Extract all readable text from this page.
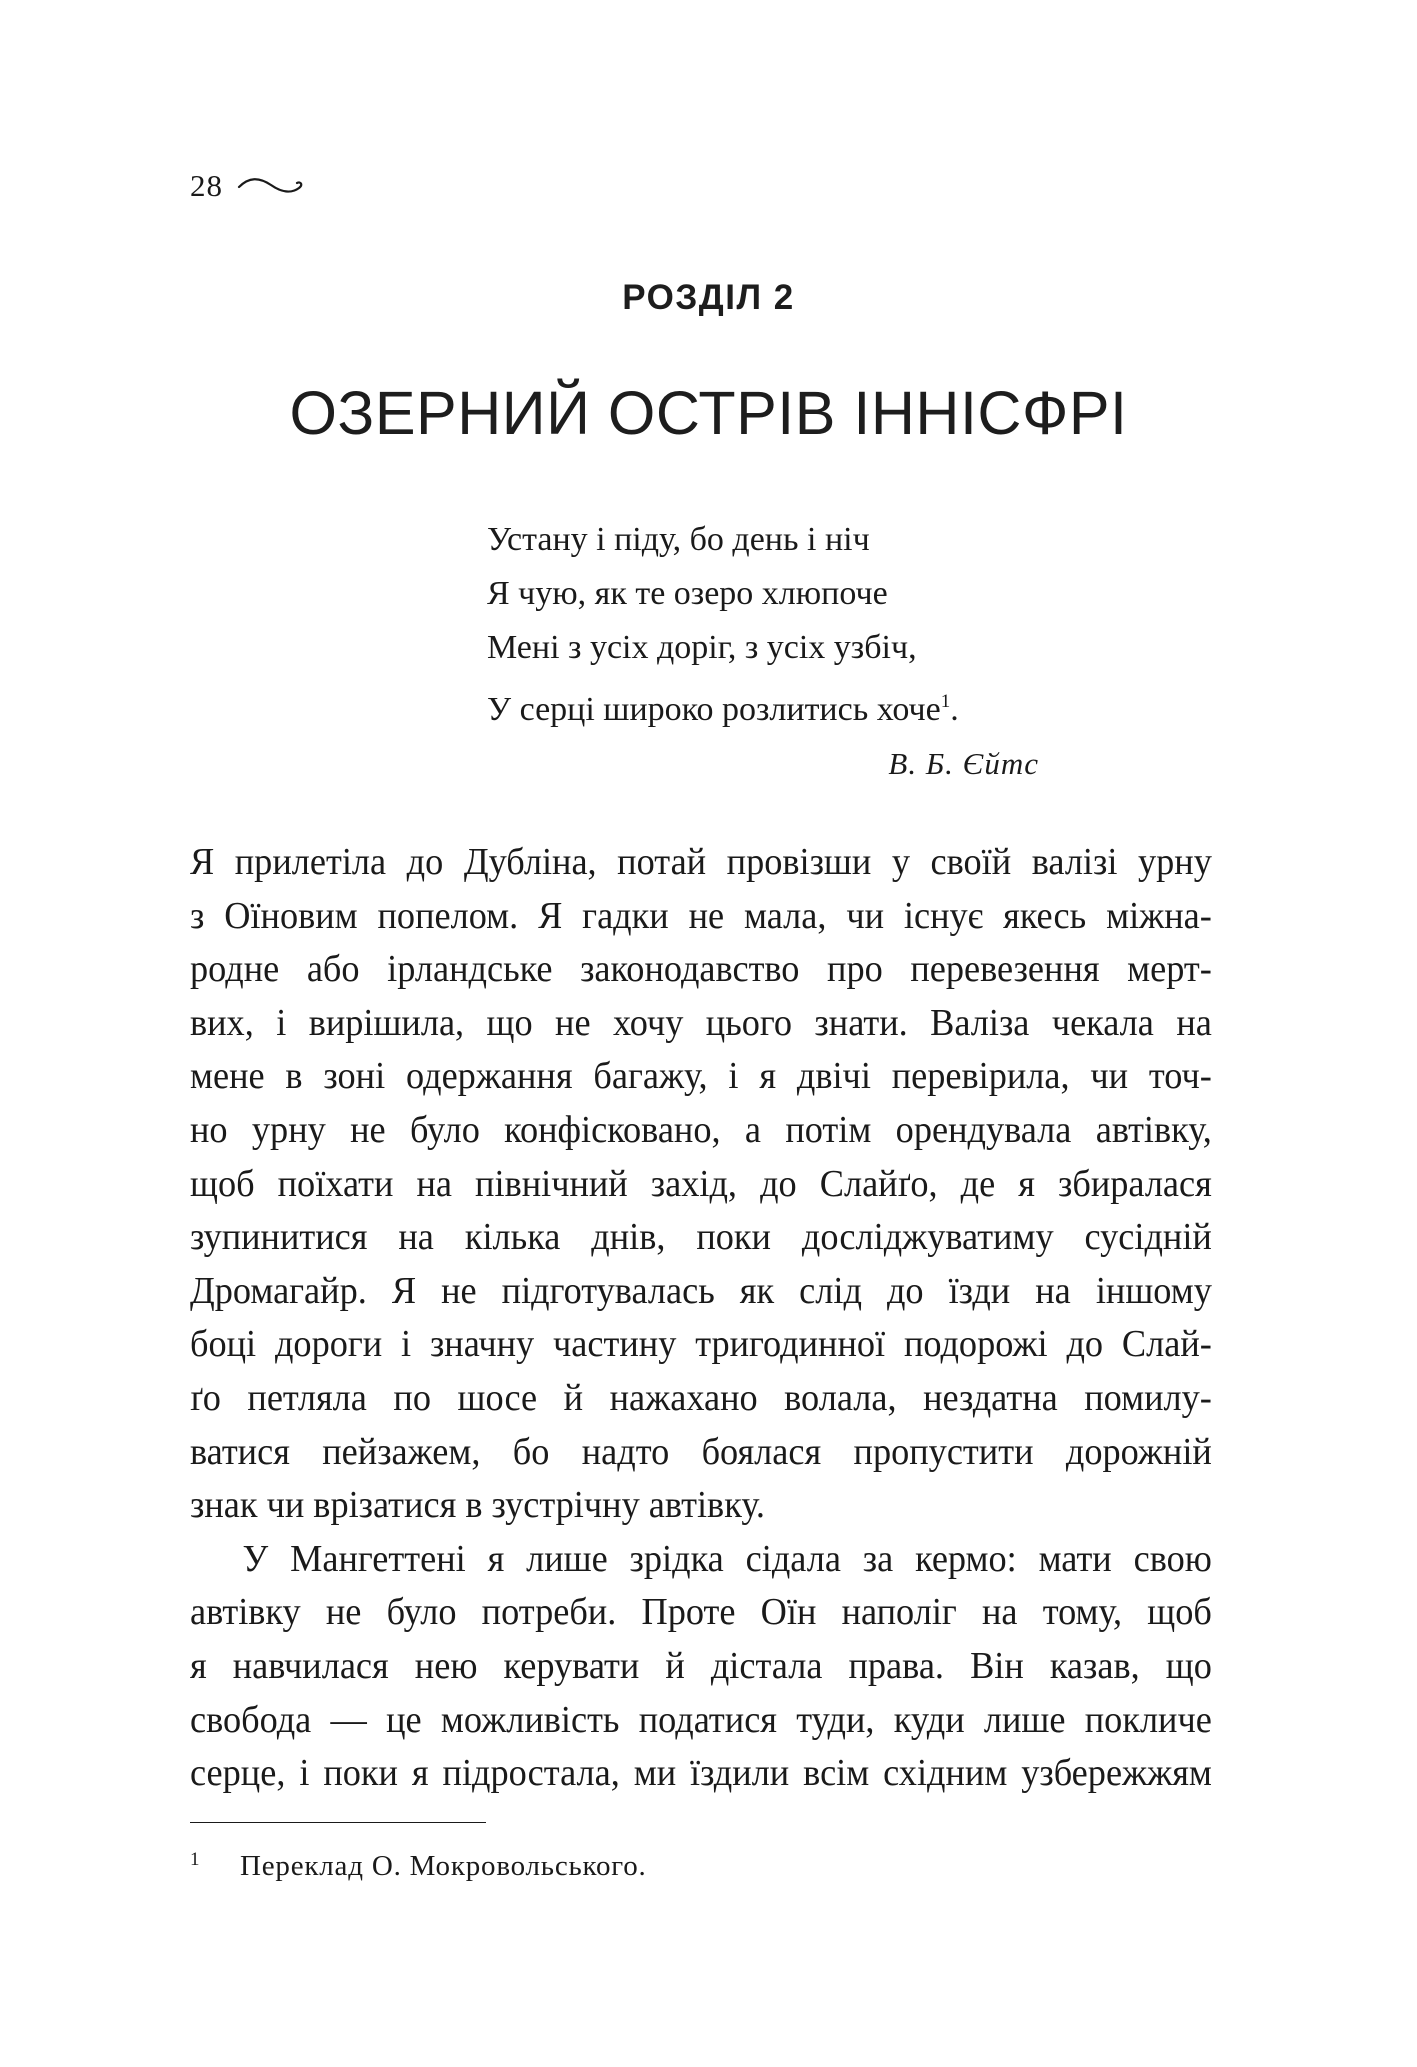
28
РОЗДІЛ 2
ОЗЕРНИЙ ОСТРІВ ІННІСФРІ
Устану і піду, бо день і ніч
Я чую, як те озеро хлюпоче
Мені з усіх доріг, з усіх узбіч,
У серці широко розлитись хоче$^1$.
В. Б. Єйтс
Я прилетіла до Дубліна, потай провізши у своїй валізі урну
з Оїновим попелом. Я гадки не мала, чи існує якесь міжна-
родне або ірландське законодавство про перевезення мерт-
вих, і вирішила, що не хочу цього знати. Валіза чекала на
мене в зоні одержання багажу, і я двічі перевірила, чи точ-
но урну не було конфісковано, а потім орендувала автівку,
щоб поїхати на північний захід, до Слайґо, де я збиралася
зупинитися на кілька днів, поки досліджуватиму сусідній
Дромагайр. Я не підготувалась як слід до їзди на іншому
боці дороги і значну частину тригодинної подорожі до Слай-
ґо петляла по шосе й нажахано волала, нездатна помилу-
ватися пейзажем, бо надто боялася пропустити дорожній
знак чи врізатися в зустрічну автівку.
У Мангеттені я лише зрідка сідала за кермо: мати свою
автівку не було потреби. Проте Оїн наполіг на тому, щоб
я навчилася нею керувати й дістала права. Він казав, що
свобода — це можливість податися туди, куди лише покличе
серце, і поки я підростала, ми їздили всім східним узбережжям
1	Переклад О. Мокровольського.
